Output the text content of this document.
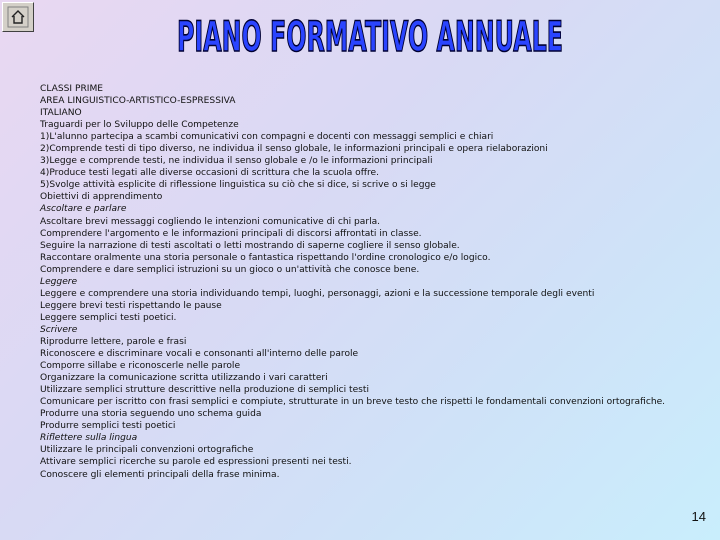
PIANO FORMATIVO ANNUALE
CLASSI PRIME
AREA LINGUISTICO-ARTISTICO-ESPRESSIVA
ITALIANO
Traguardi per lo Sviluppo delle Competenze
1)L'alunno partecipa a scambi comunicativi con compagni e docenti con messaggi semplici e chiari
2)Comprende testi di tipo diverso, ne individua il senso globale, le informazioni principali e opera rielaborazioni
3)Legge e comprende testi, ne individua il senso globale e /o le informazioni principali
4)Produce testi legati alle diverse occasioni di scrittura che la scuola offre.
5)Svolge attività esplicite di riflessione linguistica su ciò che si dice, si scrive o si legge
Obiettivi di apprendimento
Ascoltare e parlare
Ascoltare brevi messaggi cogliendo le intenzioni comunicative di chi parla.
Comprendere l'argomento e le informazioni principali di discorsi affrontati in classe.
Seguire la narrazione di testi ascoltati o letti mostrando di saperne cogliere il senso globale.
Raccontare oralmente una storia personale o fantastica rispettando l'ordine cronologico e/o logico.
Comprendere e dare semplici istruzioni su un gioco o un'attività che conosce bene.
Leggere
Leggere e comprendere una storia individuando tempi, luoghi, personaggi, azioni e la successione temporale degli eventi
Leggere brevi testi rispettando le pause
Leggere semplici testi poetici.
Scrivere
Riprodurre lettere, parole e frasi
Riconoscere e discriminare vocali e consonanti all'interno delle parole
Comporre sillabe e riconoscerle nelle parole
Organizzare la comunicazione scritta utilizzando i vari caratteri
Utilizzare semplici strutture descrittive nella produzione di semplici testi
Comunicare per iscritto con frasi semplici e compiute, strutturate in un breve testo che rispetti le fondamentali convenzioni ortografiche.
Produrre una storia seguendo uno schema guida
Produrre semplici testi poetici
Riflettere sulla lingua
Utilizzare le principali convenzioni ortografiche
Attivare semplici ricerche su parole ed espressioni presenti nei testi.
Conoscere gli elementi principali della frase minima.
14
